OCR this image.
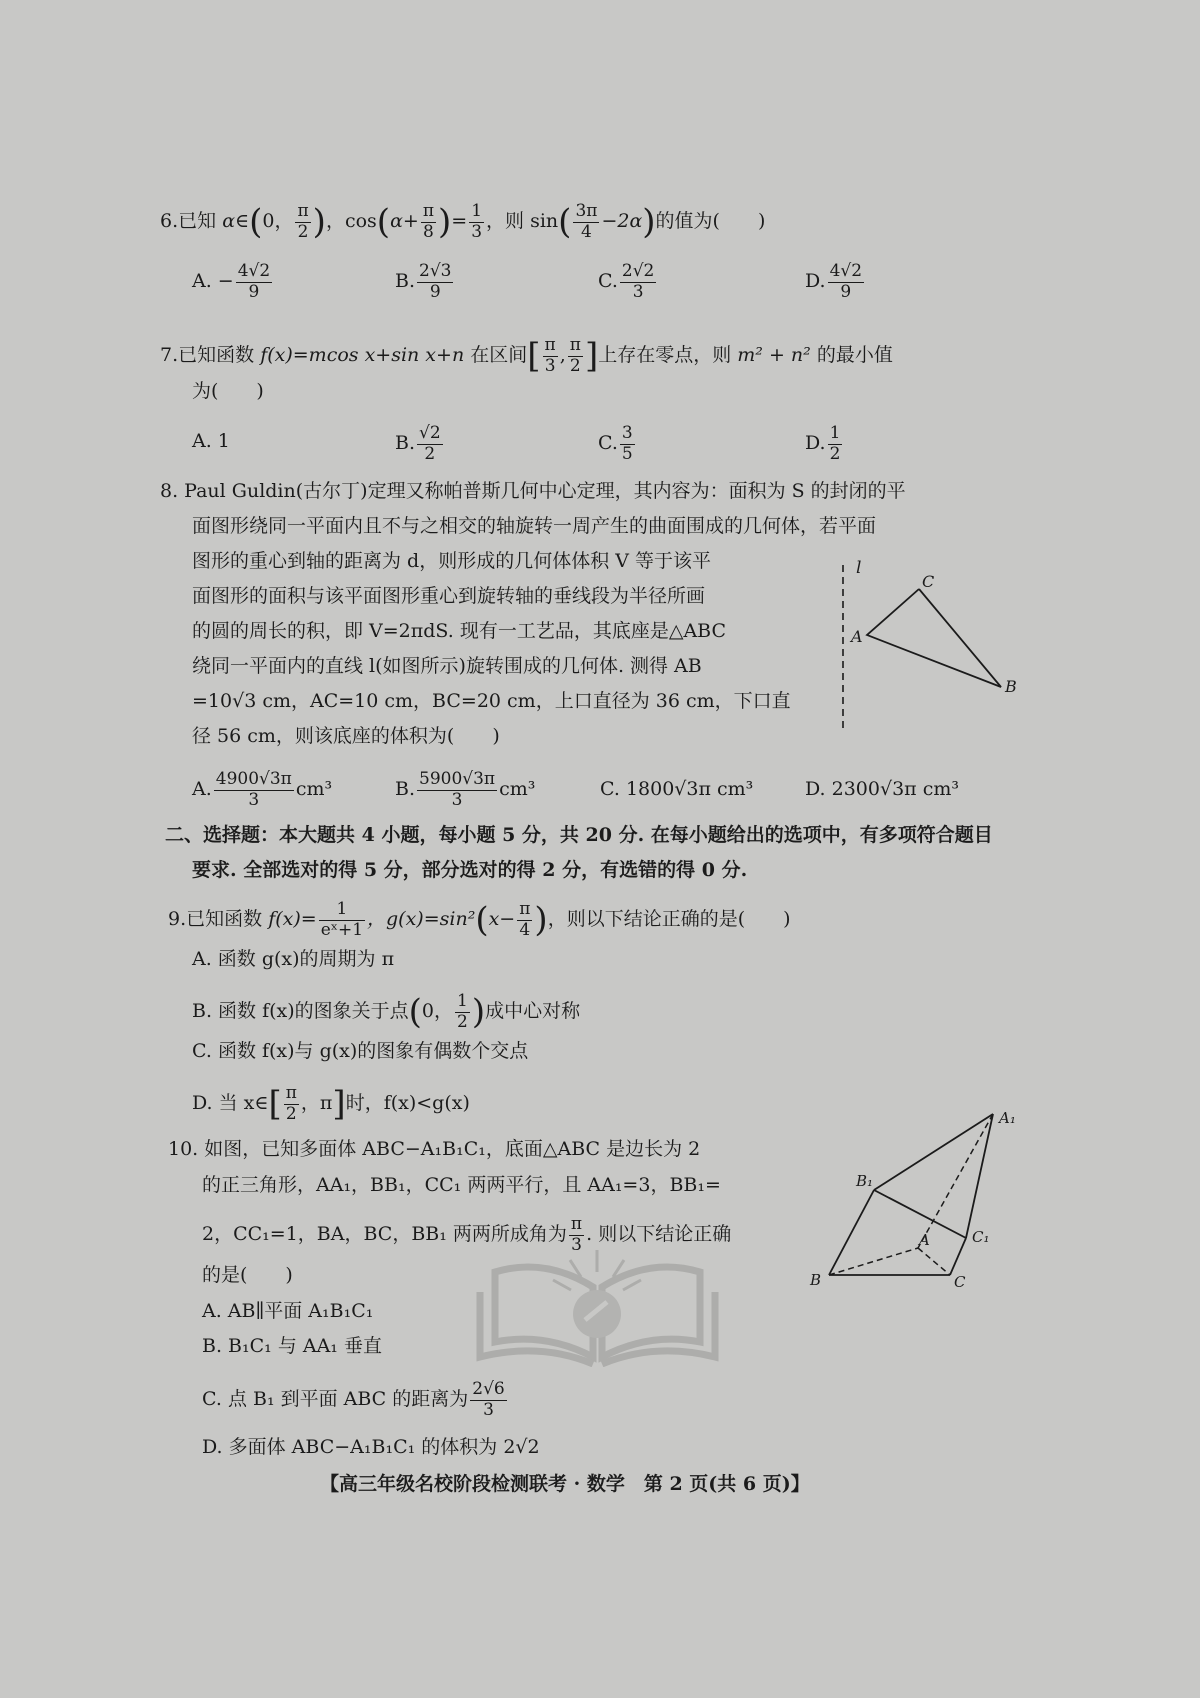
6.已知 α∈(0， $\frac{\pi}{2}$ )，$\cos(\alpha+ \frac{\pi}{8}$ )= $\frac{1}{3}$ ，则 $\sin( \frac{3\pi}{4} -2\alpha)$的值为(　　)
A. − $\frac{4√2}{9}$	B. $\frac{2√3}{9}$	C. $\frac{2√2}{3}$	D. $\frac{4√2}{9}$
7.已知函数 f(x)=mcos x+sin x+n 在区间[ $\frac{\pi}{3}$ , $\frac{\pi}{2}$ ]上存在零点，则 m² + n² 的最小值
为(　　)
A. 1	B. $\frac{√2}{2}$	C. $\frac{3}{5}$	D. $\frac{1}{2}$
8. Paul Guldin(古尔丁)定理又称帕普斯几何中心定理，其内容为：面积为 S 的封闭的平
面图形绕同一平面内且不与之相交的轴旋转一周产生的曲面围成的几何体，若平面
图形的重心到轴的距离为 d，则形成的几何体体积 V 等于该平
面图形的面积与该平面图形重心到旋转轴的垂线段为半径所画
的圆的周长的积，即 V=2πdS. 现有一工艺品，其底座是△ABC
绕同一平面内的直线 l(如图所示)旋转围成的几何体. 测得 AB
=10√3 cm，AC=10 cm，BC=20 cm，上口直径为 36 cm，下口直
径 56 cm，则该底座的体积为(　　)
l
C
A
B
A. $\frac{4900√3\pi}{3} cm^3$	B. $\frac{5900√3\pi}{3} cm^3$	C. 1800√3π cm³	D. 2300√3π cm³
二、选择题：本大题共 4 小题，每小题 5 分，共 20 分. 在每小题给出的选项中，有多项符合题目
要求. 全部选对的得 5 分，部分选对的得 2 分，有选错的得 0 分.
9.已知函数 $f(x)= \frac{1}{\text{eˣ+1}}$ ，$g(x)=\sin^2(x- \frac{\pi}{4}$ )，则以下结论正确的是(　　)
A. 函数 g(x)的周期为 π
B. 函数 f(x)的图象关于点(0， $\frac{1}{2}$ )成中心对称
C. 函数 f(x)与 g(x)的图象有偶数个交点
D. 当 x∈[ $\frac{\pi}{2}$ ，π]时，f(x)<g(x)
10. 如图，已知多面体 ABC−A₁B₁C₁，底面△ABC 是边长为 2
的正三角形，AA₁，BB₁，CC₁ 两两平行，且 AA₁=3，BB₁=
2，CC₁=1，BA，BC，BB₁ 两两所成角为 $\frac{\pi}{3}$ . 则以下结论正确
的是(　　)
A. AB∥平面 A₁B₁C₁
B. B₁C₁ 与 AA₁ 垂直
C. 点 B₁ 到平面 ABC 的距离为 $\frac{2√6}{3}$
D. 多面体 ABC−A₁B₁C₁ 的体积为 2√2
A₁
B₁
C₁
A
B	C
【高三年级名校阶段检测联考 · 数学　第 2 页(共 6 页)】
